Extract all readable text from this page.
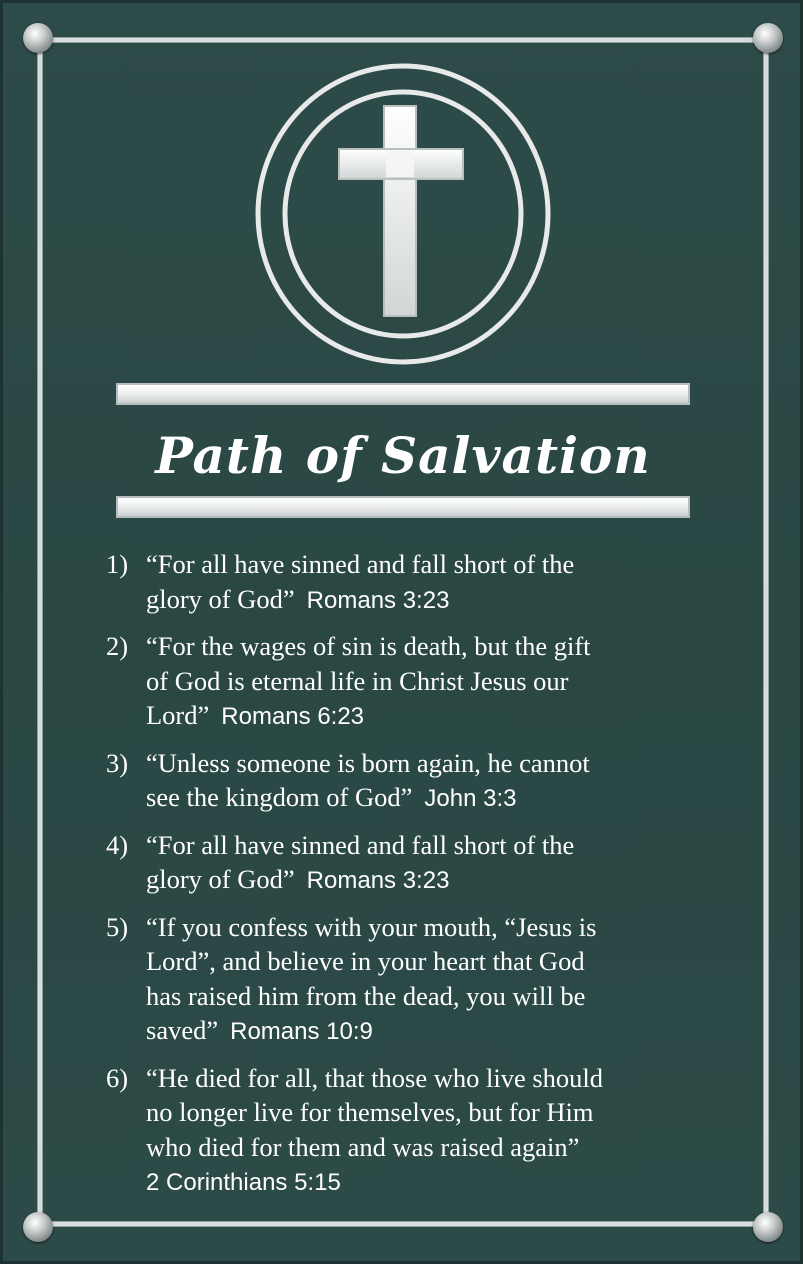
Path of Salvation
1) “For all have sinned and fall short of the
glory of God” Romans 3:23
2) “For the wages of sin is death, but the gift
of God is eternal life in Christ Jesus our
Lord” Romans 6:23
3) “Unless someone is born again, he cannot
see the kingdom of God” John 3:3
4) “For all have sinned and fall short of the
glory of God” Romans 3:23
5) “If you confess with your mouth, “Jesus is
Lord”, and believe in your heart that God
has raised him from the dead, you will be
saved” Romans 10:9
6) “He died for all, that those who live should
no longer live for themselves, but for Him
who died for them and was raised again”
2 Corinthians 5:15
